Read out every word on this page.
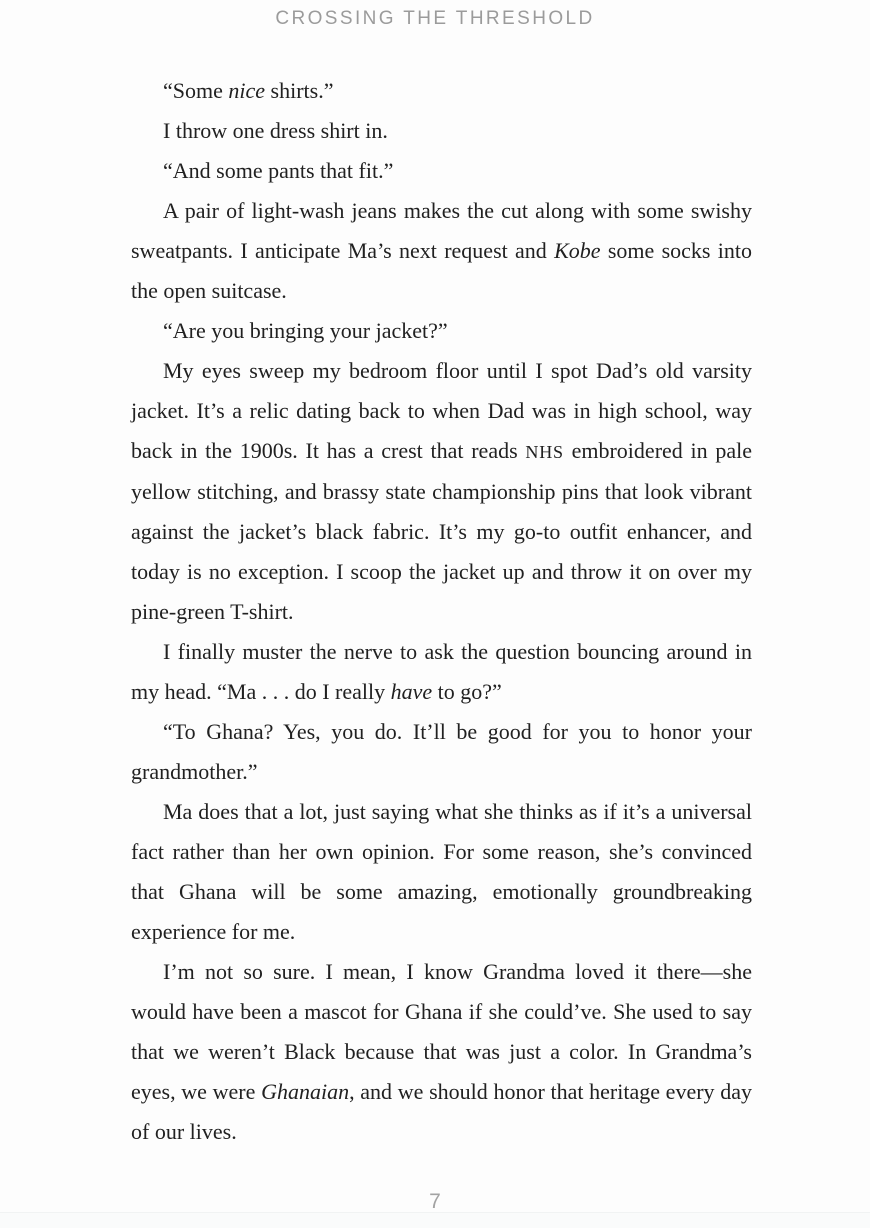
CROSSING THE THRESHOLD

“Some nice shirts.”

I throw one dress shirt in.

“And some pants that fit.”

A pair of light-wash jeans makes the cut along with some swishy sweatpants. I anticipate Ma’s next request and Kobe some socks into the open suitcase.

“Are you bringing your jacket?”

My eyes sweep my bedroom floor until I spot Dad’s old varsity jacket. It’s a relic dating back to when Dad was in high school, way back in the 1900s. It has a crest that reads NHS embroidered in pale yellow stitching, and brassy state championship pins that look vibrant against the jacket’s black fabric. It’s my go-to outfit enhancer, and today is no exception. I scoop the jacket up and throw it on over my pine-green T-shirt.

I finally muster the nerve to ask the question bouncing around in my head. “Ma . . . do I really have to go?”

“To Ghana? Yes, you do. It’ll be good for you to honor your grandmother.”

Ma does that a lot, just saying what she thinks as if it’s a universal fact rather than her own opinion. For some reason, she’s convinced that Ghana will be some amazing, emotionally groundbreaking experience for me.

I’m not so sure. I mean, I know Grandma loved it there—she would have been a mascot for Ghana if she could’ve. She used to say that we weren’t Black because that was just a color. In Grandma’s eyes, we were Ghanaian, and we should honor that heritage every day of our lives.

7
